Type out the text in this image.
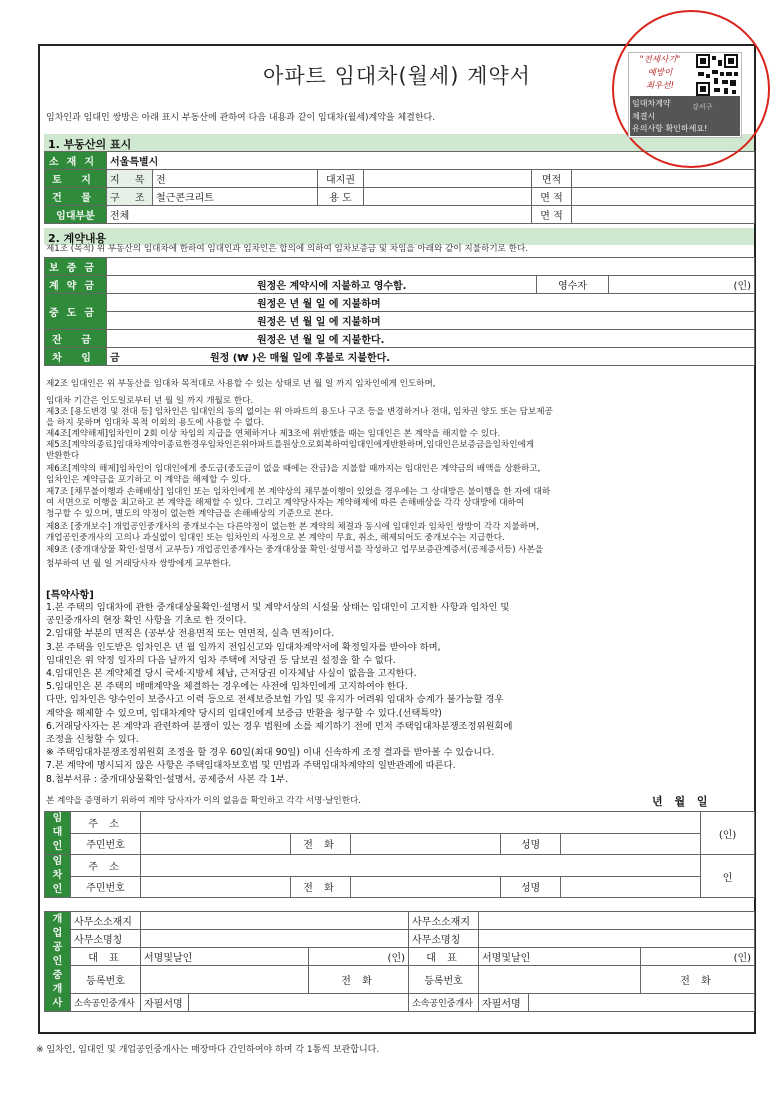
아파트 임대차(월세) 계약서
임차인과 임대인 쌍방은 아래 표시 부동산에 관하여 다음 내용과 같이 임대차(월세)계약을 체결한다.
1. 부동산의 표시
소재지	서울특별시					
토 지	지 목	전	대지권		면적	
건 물	구 조	철근콘크리트	용 도		면 적	
임대부분	전체				면 적	
2. 계약내용
제1조 (목적) 위 부동산의 임대차에 한하여 임대인과 임차인은 합의에 의하여 임차보증금 및 차임을 아래와 같이 지불하기로 한다.
보증금			
계약금	원정은 계약시에 지불하고 영수함.	영수자	(인)
중도금	원정은 년 월 일 에 지불하며		
	원정은 년 월 일 에 지불하며		
잔 금	원정은 년 월 일 에 지불한다.		
차 임	금 원정 (₩ )은 매월 일에 후불로 지불한다.		
제2조 임대인은 위 부동산을 임대차 목적대로 사용할 수 있는 상태로 년 월 일 까지 임차인에게 인도하며,
임대차 기간은 인도일로부터 년 월 일 까지 개월로 한다.
제3조 [용도변경 및 전대 등] 임차인은 임대인의 동의 없이는 위 아파트의 용도나 구조 등을 변경하거나 전대, 임차권 양도 또는 담보제공
을 하지 못하며 임대차 목적 이외의 용도에 사용할 수 없다.
제4조[계약해제]임차인이 2회 이상 차임의 지급을 연체하거나 제3조에 위반했을 때는 임대인은 본 계약을 해지할 수 있다.
제5조[계약의종료]임대차계약이종료한경우임차인은위아파트를원상으로회복하여임대인에게반환하며,임대인은보증금을임차인에게
반환한다
제6조[계약의 해제]임차인이 임대인에게 중도금(중도금이 없을 때에는 잔금)을 지불할 때까지는 임대인은 계약금의 배액을 상환하고,
임차인은 계약금을 포기하고 이 계약을 해제할 수 있다.
제7조 [채무불이행과 손해배상] 임대인 또는 임차인에게 본 계약상의 채무불이행이 있었을 경우에는 그 상대방은 불이행을 한 자에 대하
여 서면으로 이행을 최고하고 본 계약을 해제할 수 있다. 그리고 계약당사자는 계약해제에 따른 손해배상을 각각 상대방에 대하여
청구할 수 있으며, 별도의 약정이 없는한 계약금을 손해배상의 기준으로 본다.
제8조 [중개보수] 개업공인중개사의 중개보수는 다른약정이 없는한 본 계약의 체결과 동시에 임대인과 임차인 쌍방이 각각 지불하며,
개업공인중개사의 고의나 과실없이 임대인 또는 임차인의 사정으로 본 계약이 무효, 취소, 해제되어도 중개보수는 지급한다.
제9조 (중개대상물 확인·설명서 교부등) 개업공인중개사는 중개대상물 확인·설명서를 작성하고 업무보증관계증서(공제증서등) 사본을
첨부하여 년 월 일 거래당사자 쌍방에게 교부한다.
[특약사항]
1.본 주택의 임대차에 관한 중개대상물확인·설명서 및 계약서상의 시설물 상태는 임대인이 고지한 사항과 임차인 및
공인중개사의 현장 확인 사항을 기초로 한 것이다.
2.임대할 부분의 면적은 (공부상 전용면적 또는 연면적, 실측 면적)이다.
3.본 주택을 인도받은 임차인은 년 월 일까지 전입신고와 임대차계약서에 확정일자를 받아야 하며,
임대인은 위 약정 일자의 다음 날까지 임차 주택에 저당권 등 담보권 설정을 할 수 없다.
4.임대인은 본 계약체결 당시 국세·지방세 체납, 근저당권 이자체납 사실이 없음을 고지한다.
5.임대인은 본 주택의 매매계약을 체결하는 경우에는 사전에 임차인에게 고지하여야 한다.
다만, 임차인은 양수인이 보증사고 이력 등으로 전세보증보험 가입 및 유지가 어려워 임대차 승계가 불가능할 경우
계약을 해제할 수 있으며, 임대차계약 당시의 임대인에게 보증금 반환을 청구할 수 있다.(선택특약)
6.거래당사자는 본 계약과 관련하여 분쟁이 있는 경우 법원에 소를 제기하기 전에 먼저 주택임대차분쟁조정위원회에
조정을 신청할 수 있다.
※ 주택임대차분쟁조정위원회 조정을 할 경우 60일(최대 90일) 이내 신속하게 조정 결과를 받아볼 수 있습니다.
7.본 계약에 명시되지 않은 사항은 주택임대차보호법 및 민법과 주택임대차계약의 일반관례에 따른다.
8.첨부서류 : 중개대상물확인·설명서, 공제증서 사본 각 1부.
본 계약을 증명하기 위하여 계약 당사자가 이의 없음을 확인하고 각각 서명·날인한다.	년 월 일
임대인	주 소						(인)
	주민번호		전 화		성명		
임차인	주 소						인
	주민번호		전 화		성명		
개업공인중개사	사무소소재지				사무소소재지			
	사무소명칭				사무소명칭			
	대 표	서명및날인		(인)	대 표	서명및날인		(인)
	등록번호			전 화	등록번호			전 화
	소속공인중개사	자필서명			소속공인중개사	자필서명		
"전세사기"
예방이
최우선!
임대차계약
체결시
유의사항 확인하세요!
강서구
※ 임차인, 임대인 및 개업공인중개사는 매장마다 간인하여야 하며 각 1통씩 보관합니다.
